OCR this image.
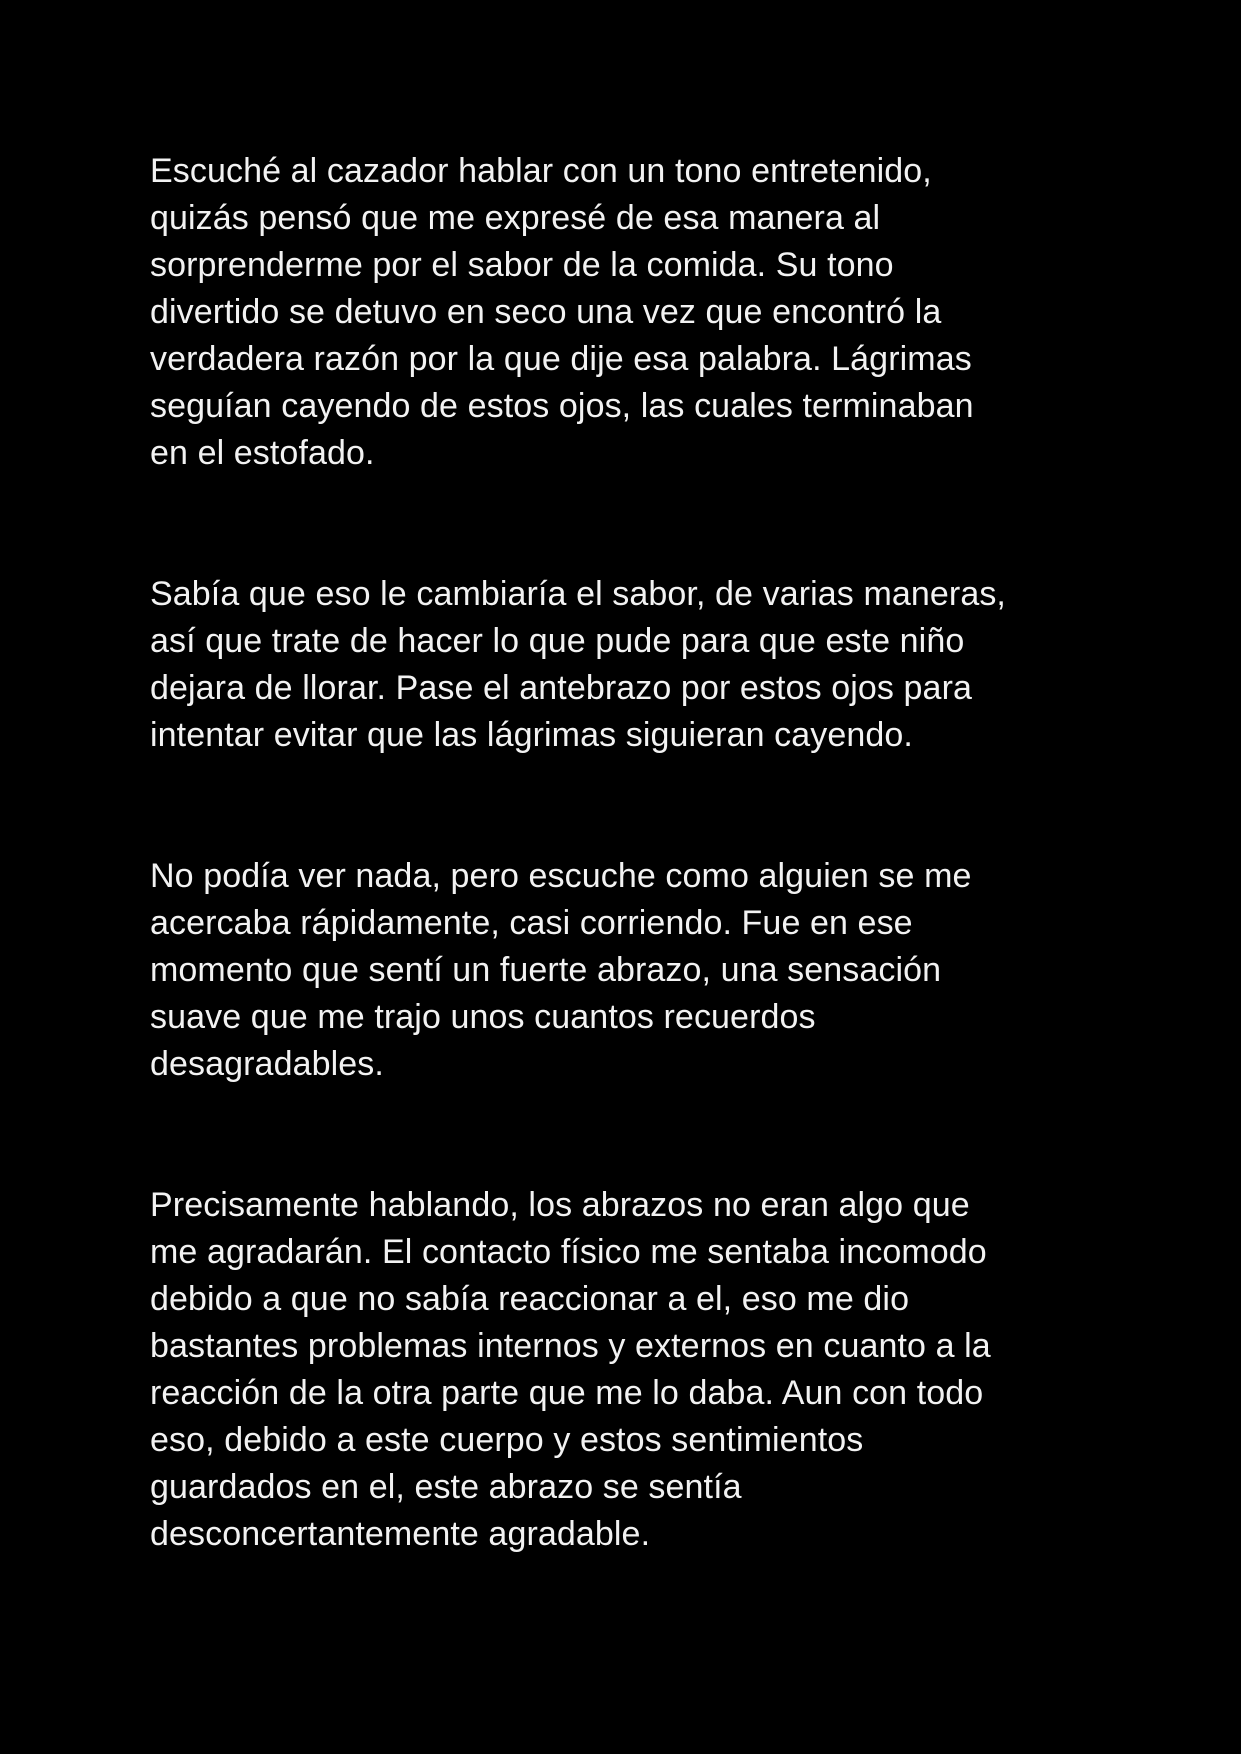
Escuché al cazador hablar con un tono entretenido,
quizás pensó que me expresé de esa manera al
sorprenderme por el sabor de la comida. Su tono
divertido se detuvo en seco una vez que encontró la
verdadera razón por la que dije esa palabra. Lágrimas
seguían cayendo de estos ojos, las cuales terminaban
en el estofado.

Sabía que eso le cambiaría el sabor, de varias maneras,
así que trate de hacer lo que pude para que este niño
dejara de llorar. Pase el antebrazo por estos ojos para
intentar evitar que las lágrimas siguieran cayendo.

No podía ver nada, pero escuche como alguien se me
acercaba rápidamente, casi corriendo. Fue en ese
momento que sentí un fuerte abrazo, una sensación
suave que me trajo unos cuantos recuerdos
desagradables.

Precisamente hablando, los abrazos no eran algo que
me agradarán. El contacto físico me sentaba incomodo
debido a que no sabía reaccionar a el, eso me dio
bastantes problemas internos y externos en cuanto a la
reacción de la otra parte que me lo daba. Aun con todo
eso, debido a este cuerpo y estos sentimientos
guardados en el, este abrazo se sentía
desconcertantemente agradable.
